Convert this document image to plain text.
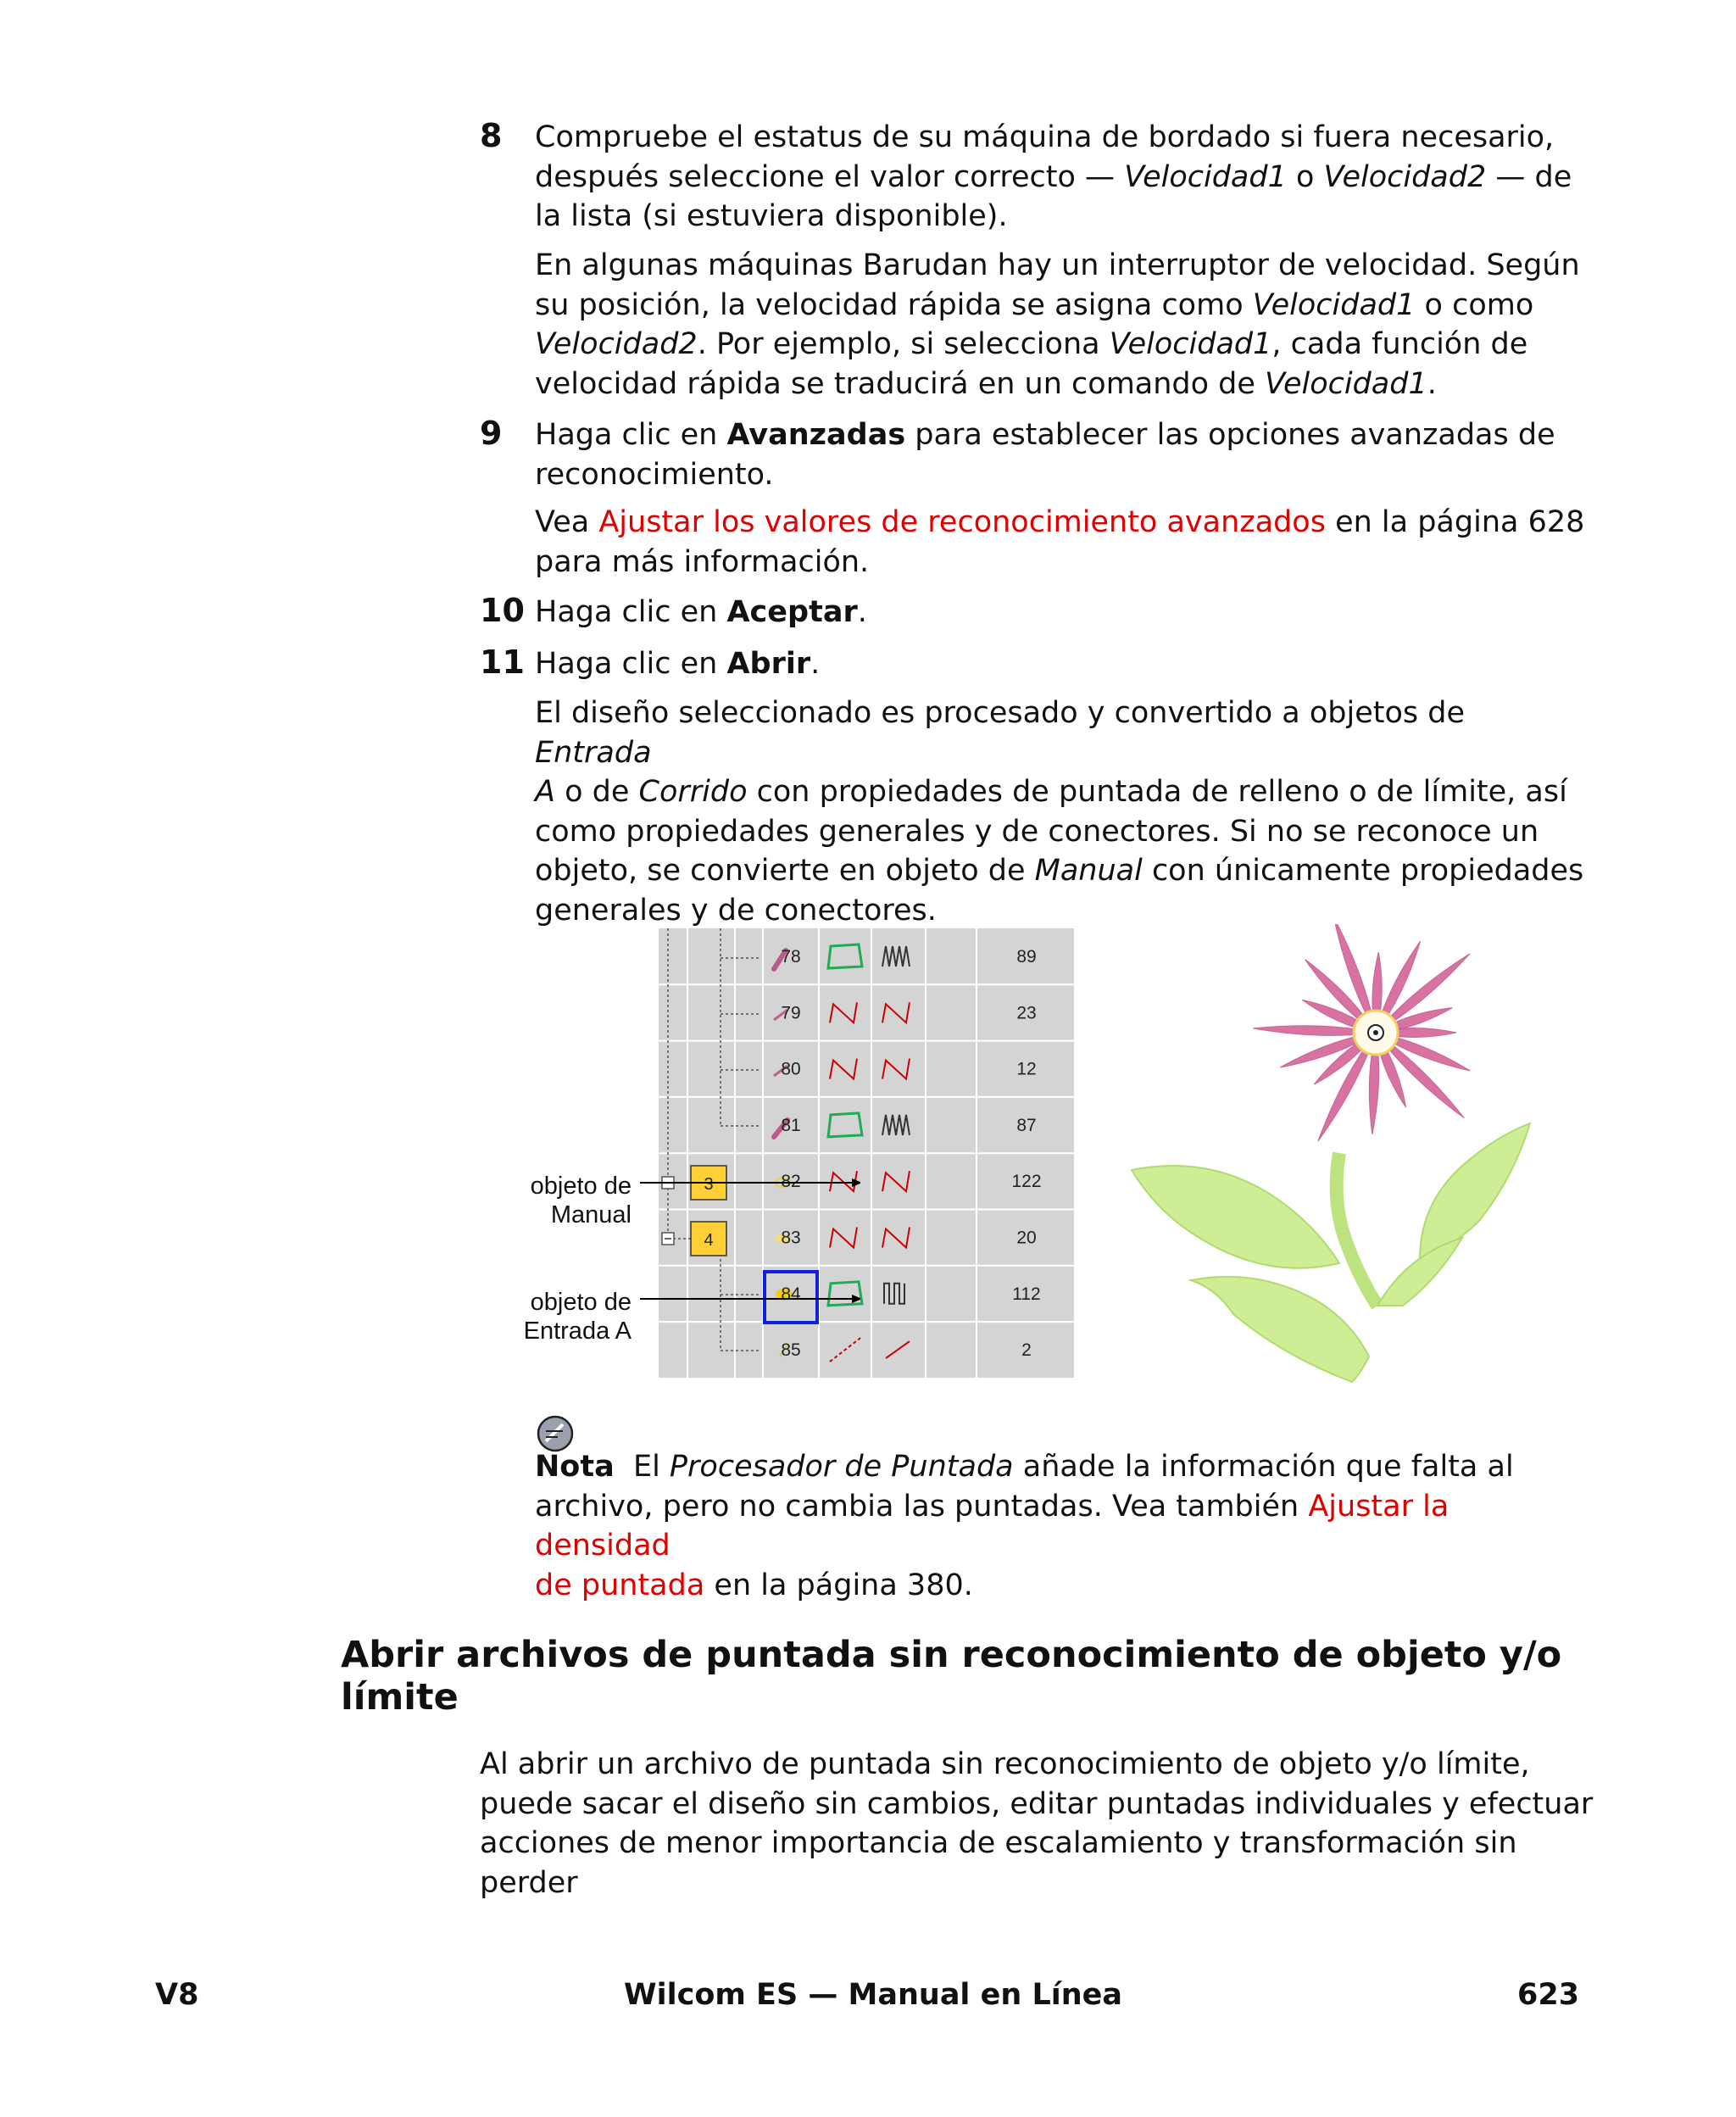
8 Compruebe el estatus de su máquina de bordado si fuera necesario,
después seleccione el valor correcto — Velocidad1 o Velocidad2 — de
la lista (si estuviera disponible).

En algunas máquinas Barudan hay un interruptor de velocidad. Según
su posición, la velocidad rápida se asigna como Velocidad1 o como
Velocidad2. Por ejemplo, si selecciona Velocidad1, cada función de
velocidad rápida se traducirá en un comando de Velocidad1.

9 Haga clic en Avanzadas para establecer las opciones avanzadas de
reconocimiento.

Vea Ajustar los valores de reconocimiento avanzados en la página 628
para más información.

10 Haga clic en Aceptar.

11 Haga clic en Abrir.

El diseño seleccionado es procesado y convertido a objetos de Entrada
A o de Corrido con propiedades de puntada de relleno o de límite, así
como propiedades generales y de conectores. Si no se reconoce un
objeto, se convierte en objeto de Manual con únicamente propiedades
generales y de conectores.

objeto de
Manual
objeto de
Entrada A
3
4
78
79
80
81
82
83
84
85
89
23
12
87
122
20
112
2

Nota El Procesador de Puntada añade la información que falta al
archivo, pero no cambia las puntadas. Vea también Ajustar la densidad
de puntada en la página 380.

Abrir archivos de puntada sin reconocimiento de objeto y/o
límite

Al abrir un archivo de puntada sin reconocimiento de objeto y/o límite,
puede sacar el diseño sin cambios, editar puntadas individuales y efectuar
acciones de menor importancia de escalamiento y transformación sin perder

V8	Wilcom ES — Manual en Línea	623
